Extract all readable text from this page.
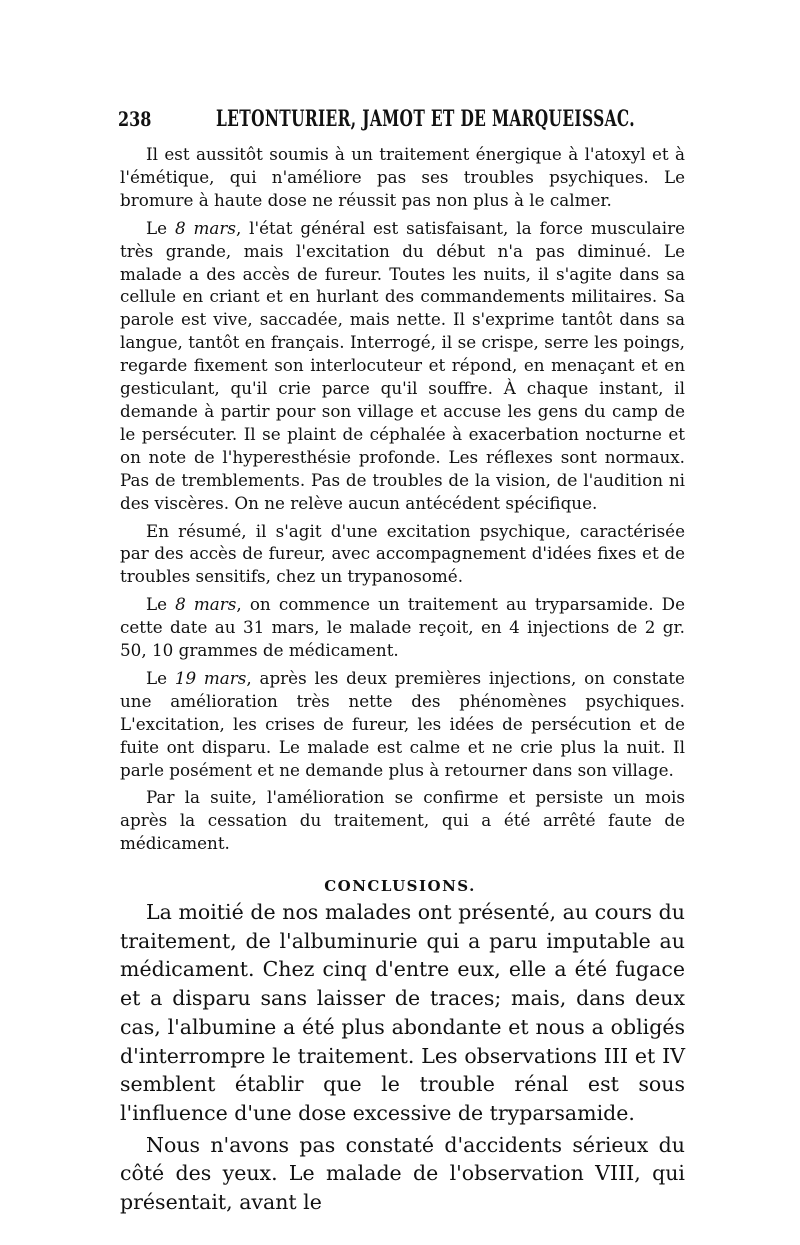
238	LETONTURIER, JAMOT ET DE MARQUEISSAC.

Il est aussitôt soumis à un traitement énergique à l'atoxyl et à l'émétique, qui n'améliore pas ses troubles psychiques. Le bromure à haute dose ne réussit pas non plus à le calmer.

Le 8 mars, l'état général est satisfaisant, la force musculaire très grande, mais l'excitation du début n'a pas diminué. Le malade a des accès de fureur. Toutes les nuits, il s'agite dans sa cellule en criant et en hurlant des commandements militaires. Sa parole est vive, saccadée, mais nette. Il s'exprime tantôt dans sa langue, tantôt en français. Interrogé, il se crispe, serre les poings, regarde fixement son interlocuteur et répond, en menaçant et en gesticulant, qu'il crie parce qu'il souffre. À chaque instant, il demande à partir pour son village et accuse les gens du camp de le persécuter. Il se plaint de céphalée à exacerbation nocturne et on note de l'hyperesthésie profonde. Les réflexes sont normaux. Pas de tremblements. Pas de troubles de la vision, de l'audition ni des viscères. On ne relève aucun antécédent spécifique.

En résumé, il s'agit d'une excitation psychique, caractérisée par des accès de fureur, avec accompagnement d'idées fixes et de troubles sensitifs, chez un trypanosomé.

Le 8 mars, on commence un traitement au tryparsamide. De cette date au 31 mars, le malade reçoit, en 4 injections de 2 gr. 50, 10 grammes de médicament.

Le 19 mars, après les deux premières injections, on constate une amélioration très nette des phénomènes psychiques. L'excitation, les crises de fureur, les idées de persécution et de fuite ont disparu. Le malade est calme et ne crie plus la nuit. Il parle posément et ne demande plus à retourner dans son village.

Par la suite, l'amélioration se confirme et persiste un mois après la cessation du traitement, qui a été arrêté faute de médicament.

CONCLUSIONS.

La moitié de nos malades ont présenté, au cours du traitement, de l'albuminurie qui a paru imputable au médicament. Chez cinq d'entre eux, elle a été fugace et a disparu sans laisser de traces; mais, dans deux cas, l'albumine a été plus abondante et nous a obligés d'interrompre le traitement. Les observations III et IV semblent établir que le trouble rénal est sous l'influence d'une dose excessive de tryparsamide.

Nous n'avons pas constaté d'accidents sérieux du côté des yeux. Le malade de l'observation VIII, qui présentait, avant le
